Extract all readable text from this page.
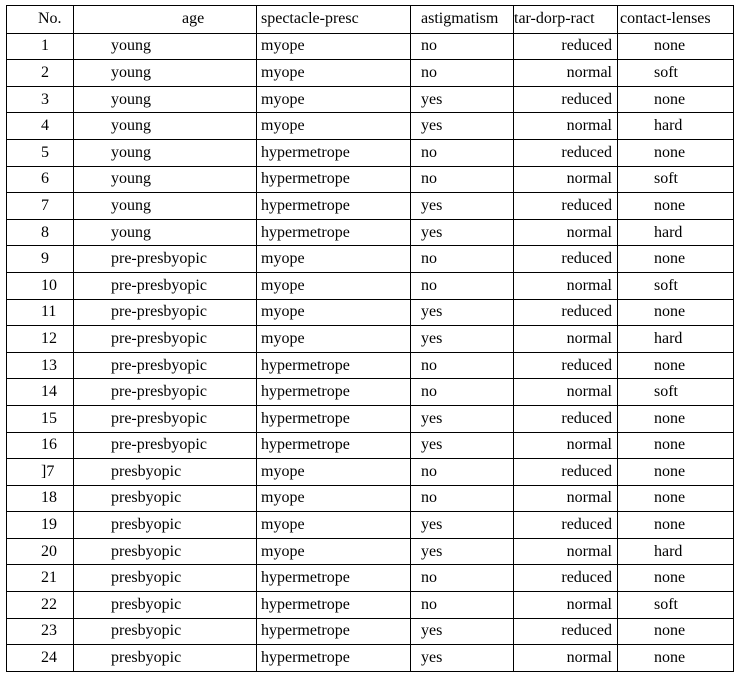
No.	age	spectacle-presc	astigmatism	tar-dorp-ract	contact-lenses
1	young	myope	no	reduced	none
2	young	myope	no	normal	soft
3	young	myope	yes	reduced	none
4	young	myope	yes	normal	hard
5	young	hypermetrope	no	reduced	none
6	young	hypermetrope	no	normal	soft
7	young	hypermetrope	yes	reduced	none
8	young	hypermetrope	yes	normal	hard
9	pre-presbyopic	myope	no	reduced	none
10	pre-presbyopic	myope	no	normal	soft
11	pre-presbyopic	myope	yes	reduced	none
12	pre-presbyopic	myope	yes	normal	hard
13	pre-presbyopic	hypermetrope	no	reduced	none
14	pre-presbyopic	hypermetrope	no	normal	soft
15	pre-presbyopic	hypermetrope	yes	reduced	none
16	pre-presbyopic	hypermetrope	yes	normal	none
]7	presbyopic	myope	no	reduced	none
18	presbyopic	myope	no	normal	none
19	presbyopic	myope	yes	reduced	none
20	presbyopic	myope	yes	normal	hard
21	presbyopic	hypermetrope	no	reduced	none
22	presbyopic	hypermetrope	no	normal	soft
23	presbyopic	hypermetrope	yes	reduced	none
24	presbyopic	hypermetrope	yes	normal	none
